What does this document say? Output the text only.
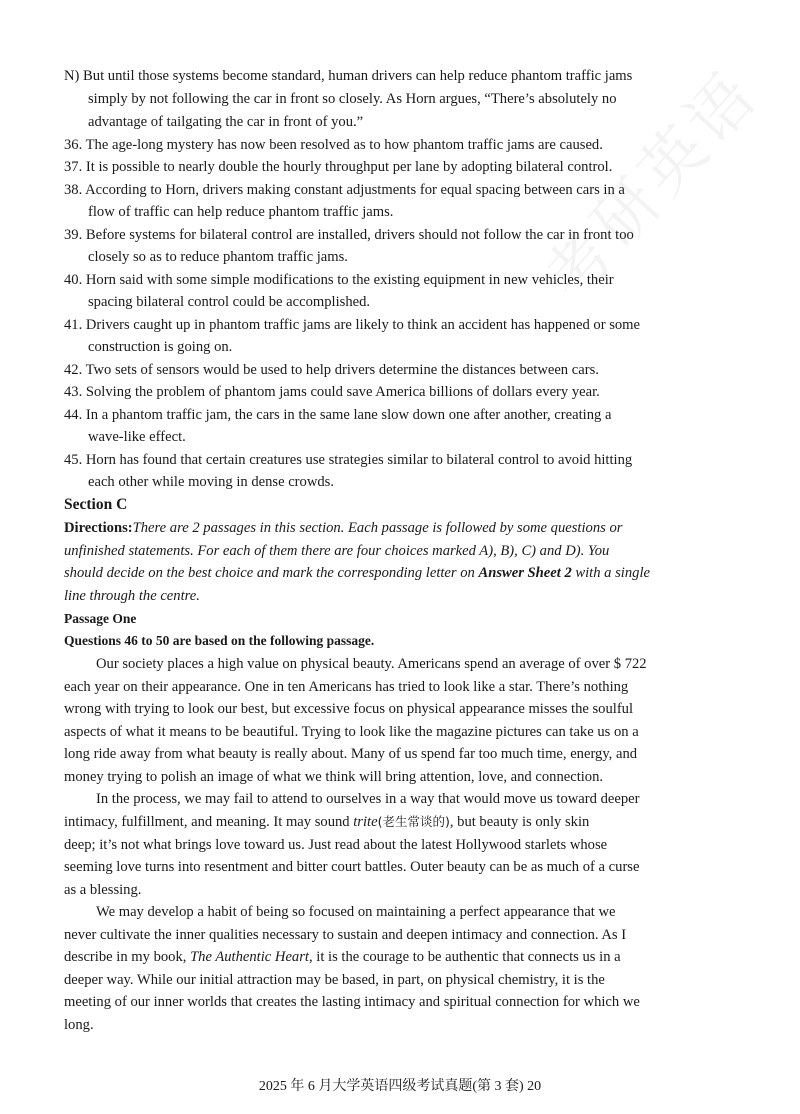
考研英语
N) But until those systems become standard, human drivers can help reduce phantom traffic jams
simply by not following the car in front so closely. As Horn argues, “There’s absolutely no
advantage of tailgating the car in front of you.”
36. The age-long mystery has now been resolved as to how phantom traffic jams are caused.
37. It is possible to nearly double the hourly throughput per lane by adopting bilateral control.
38. According to Horn, drivers making constant adjustments for equal spacing between cars in a
flow of traffic can help reduce phantom traffic jams.
39. Before systems for bilateral control are installed, drivers should not follow the car in front too
closely so as to reduce phantom traffic jams.
40. Horn said with some simple modifications to the existing equipment in new vehicles, their
spacing bilateral control could be accomplished.
41. Drivers caught up in phantom traffic jams are likely to think an accident has happened or some
construction is going on.
42. Two sets of sensors would be used to help drivers determine the distances between cars.
43. Solving the problem of phantom jams could save America billions of dollars every year.
44. In a phantom traffic jam, the cars in the same lane slow down one after another, creating a
wave-like effect.
45. Horn has found that certain creatures use strategies similar to bilateral control to avoid hitting
each other while moving in dense crowds.
Section C
Directions:There are 2 passages in this section. Each passage is followed by some questions or
unfinished statements. For each of them there are four choices marked A), B), C) and D). You
should decide on the best choice and mark the corresponding letter on Answer Sheet 2 with a single
line through the centre.
Passage One
Questions 46 to 50 are based on the following passage.
Our society places a high value on physical beauty. Americans spend an average of over $ 722
each year on their appearance. One in ten Americans has tried to look like a star. There’s nothing
wrong with trying to look our best, but excessive focus on physical appearance misses the soulful
aspects of what it means to be beautiful. Trying to look like the magazine pictures can take us on a
long ride away from what beauty is really about. Many of us spend far too much time, energy, and
money trying to polish an image of what we think will bring attention, love, and connection.
In the process, we may fail to attend to ourselves in a way that would move us toward deeper
intimacy, fulfillment, and meaning. It may sound trite(老生常谈的), but beauty is only skin
deep; it’s not what brings love toward us. Just read about the latest Hollywood starlets whose
seeming love turns into resentment and bitter court battles. Outer beauty can be as much of a curse
as a blessing.
We may develop a habit of being so focused on maintaining a perfect appearance that we
never cultivate the inner qualities necessary to sustain and deepen intimacy and connection. As I
describe in my book, The Authentic Heart, it is the courage to be authentic that connects us in a
deeper way. While our initial attraction may be based, in part, on physical chemistry, it is the
meeting of our inner worlds that creates the lasting intimacy and spiritual connection for which we
long.
2025 年 6 月大学英语四级考试真题(第 3 套) 20
